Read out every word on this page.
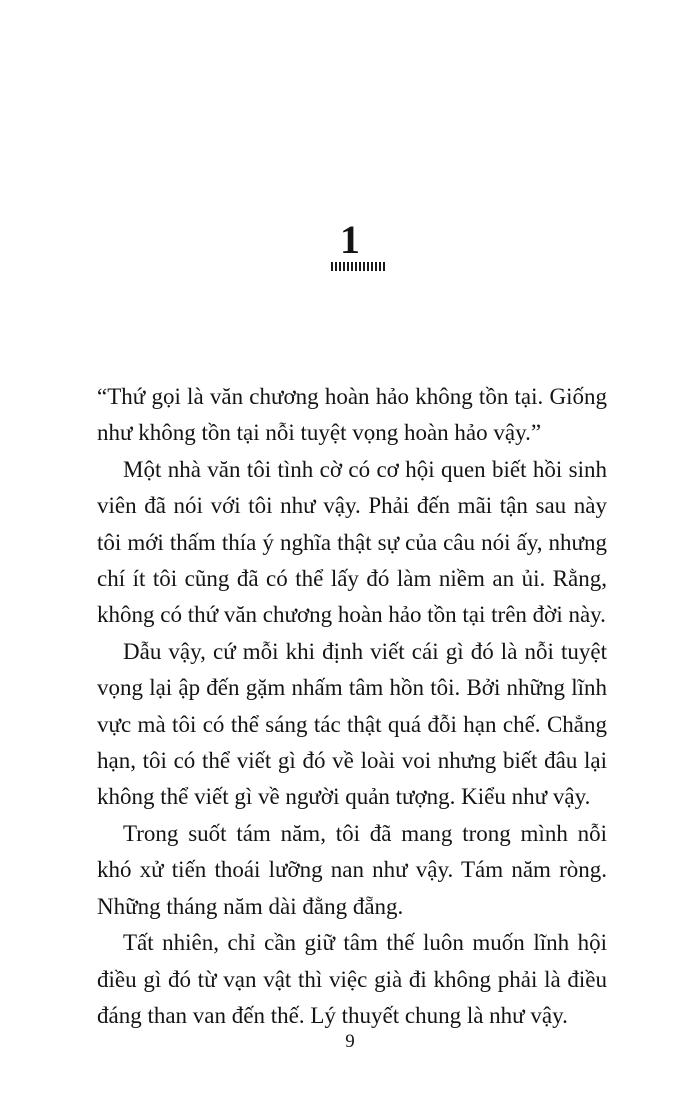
1

“Thứ gọi là văn chương hoàn hảo không tồn tại. Giống như không tồn tại nỗi tuyệt vọng hoàn hảo vậy.”

Một nhà văn tôi tình cờ có cơ hội quen biết hồi sinh viên đã nói với tôi như vậy. Phải đến mãi tận sau này tôi mới thấm thía ý nghĩa thật sự của câu nói ấy, nhưng chí ít tôi cũng đã có thể lấy đó làm niềm an ủi. Rằng, không có thứ văn chương hoàn hảo tồn tại trên đời này.

Dẫu vậy, cứ mỗi khi định viết cái gì đó là nỗi tuyệt vọng lại ập đến gặm nhấm tâm hồn tôi. Bởi những lĩnh vực mà tôi có thể sáng tác thật quá đỗi hạn chế. Chẳng hạn, tôi có thể viết gì đó về loài voi nhưng biết đâu lại không thể viết gì về người quản tượng. Kiểu như vậy.

Trong suốt tám năm, tôi đã mang trong mình nỗi khó xử tiến thoái lưỡng nan như vậy. Tám năm ròng. Những tháng năm dài đằng đẵng.

Tất nhiên, chỉ cần giữ tâm thế luôn muốn lĩnh hội điều gì đó từ vạn vật thì việc già đi không phải là điều đáng than van đến thế. Lý thuyết chung là như vậy.

9
